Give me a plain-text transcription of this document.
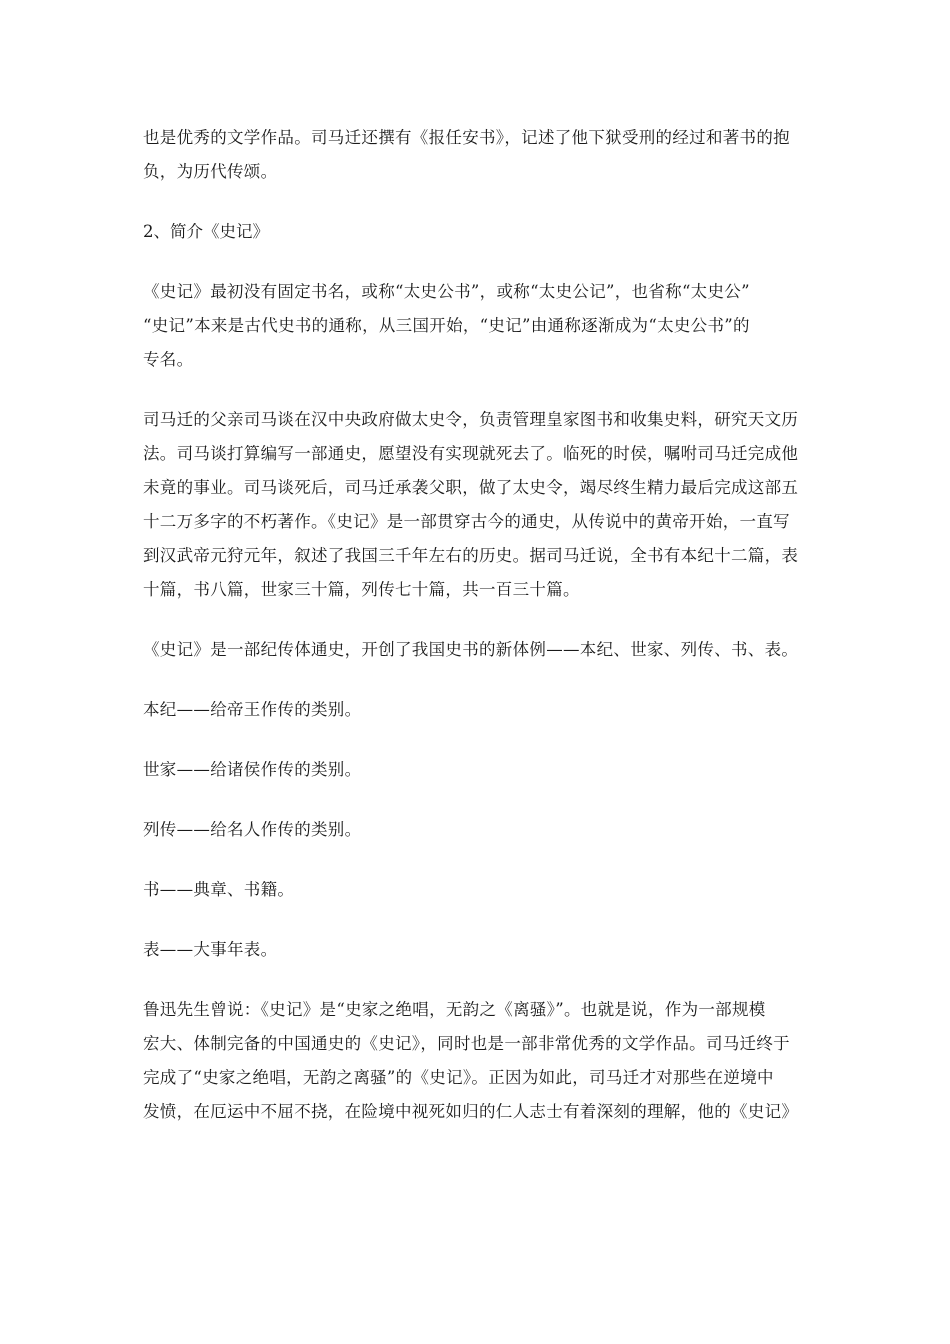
也是优秀的文学作品。司马迁还撰有《报任安书》，记述了他下狱受刑的经过和著书的抱
负，为历代传颂。

2、简介《史记》

《史记》最初没有固定书名，或称“太史公书”，或称“太史公记”，也省称“太史公”
“史记”本来是古代史书的通称，从三国开始，“史记”由通称逐渐成为“太史公书”的
专名。

司马迁的父亲司马谈在汉中央政府做太史令，负责管理皇家图书和收集史料，研究天文历
法。司马谈打算编写一部通史，愿望没有实现就死去了。临死的时侯，嘱咐司马迁完成他
未竟的事业。司马谈死后，司马迁承袭父职，做了太史令，竭尽终生精力最后完成这部五
十二万多字的不朽著作。《史记》是一部贯穿古今的通史，从传说中的黄帝开始，一直写
到汉武帝元狩元年，叙述了我国三千年左右的历史。据司马迁说，全书有本纪十二篇，表
十篇，书八篇，世家三十篇，列传七十篇，共一百三十篇。

《史记》是一部纪传体通史，开创了我国史书的新体例——本纪、世家、列传、书、表。

本纪——给帝王作传的类别。

世家——给诸侯作传的类别。

列传——给名人作传的类别。

书——典章、书籍。

表——大事年表。

鲁迅先生曾说：《史记》是“史家之绝唱，无韵之《离骚》”。也就是说，作为一部规模
宏大、体制完备的中国通史的《史记》，同时也是一部非常优秀的文学作品。司马迁终于
完成了“史家之绝唱，无韵之离骚”的《史记》。正因为如此，司马迁才对那些在逆境中
发愤，在厄运中不屈不挠，在险境中视死如归的仁人志士有着深刻的理解，他的《史记》
